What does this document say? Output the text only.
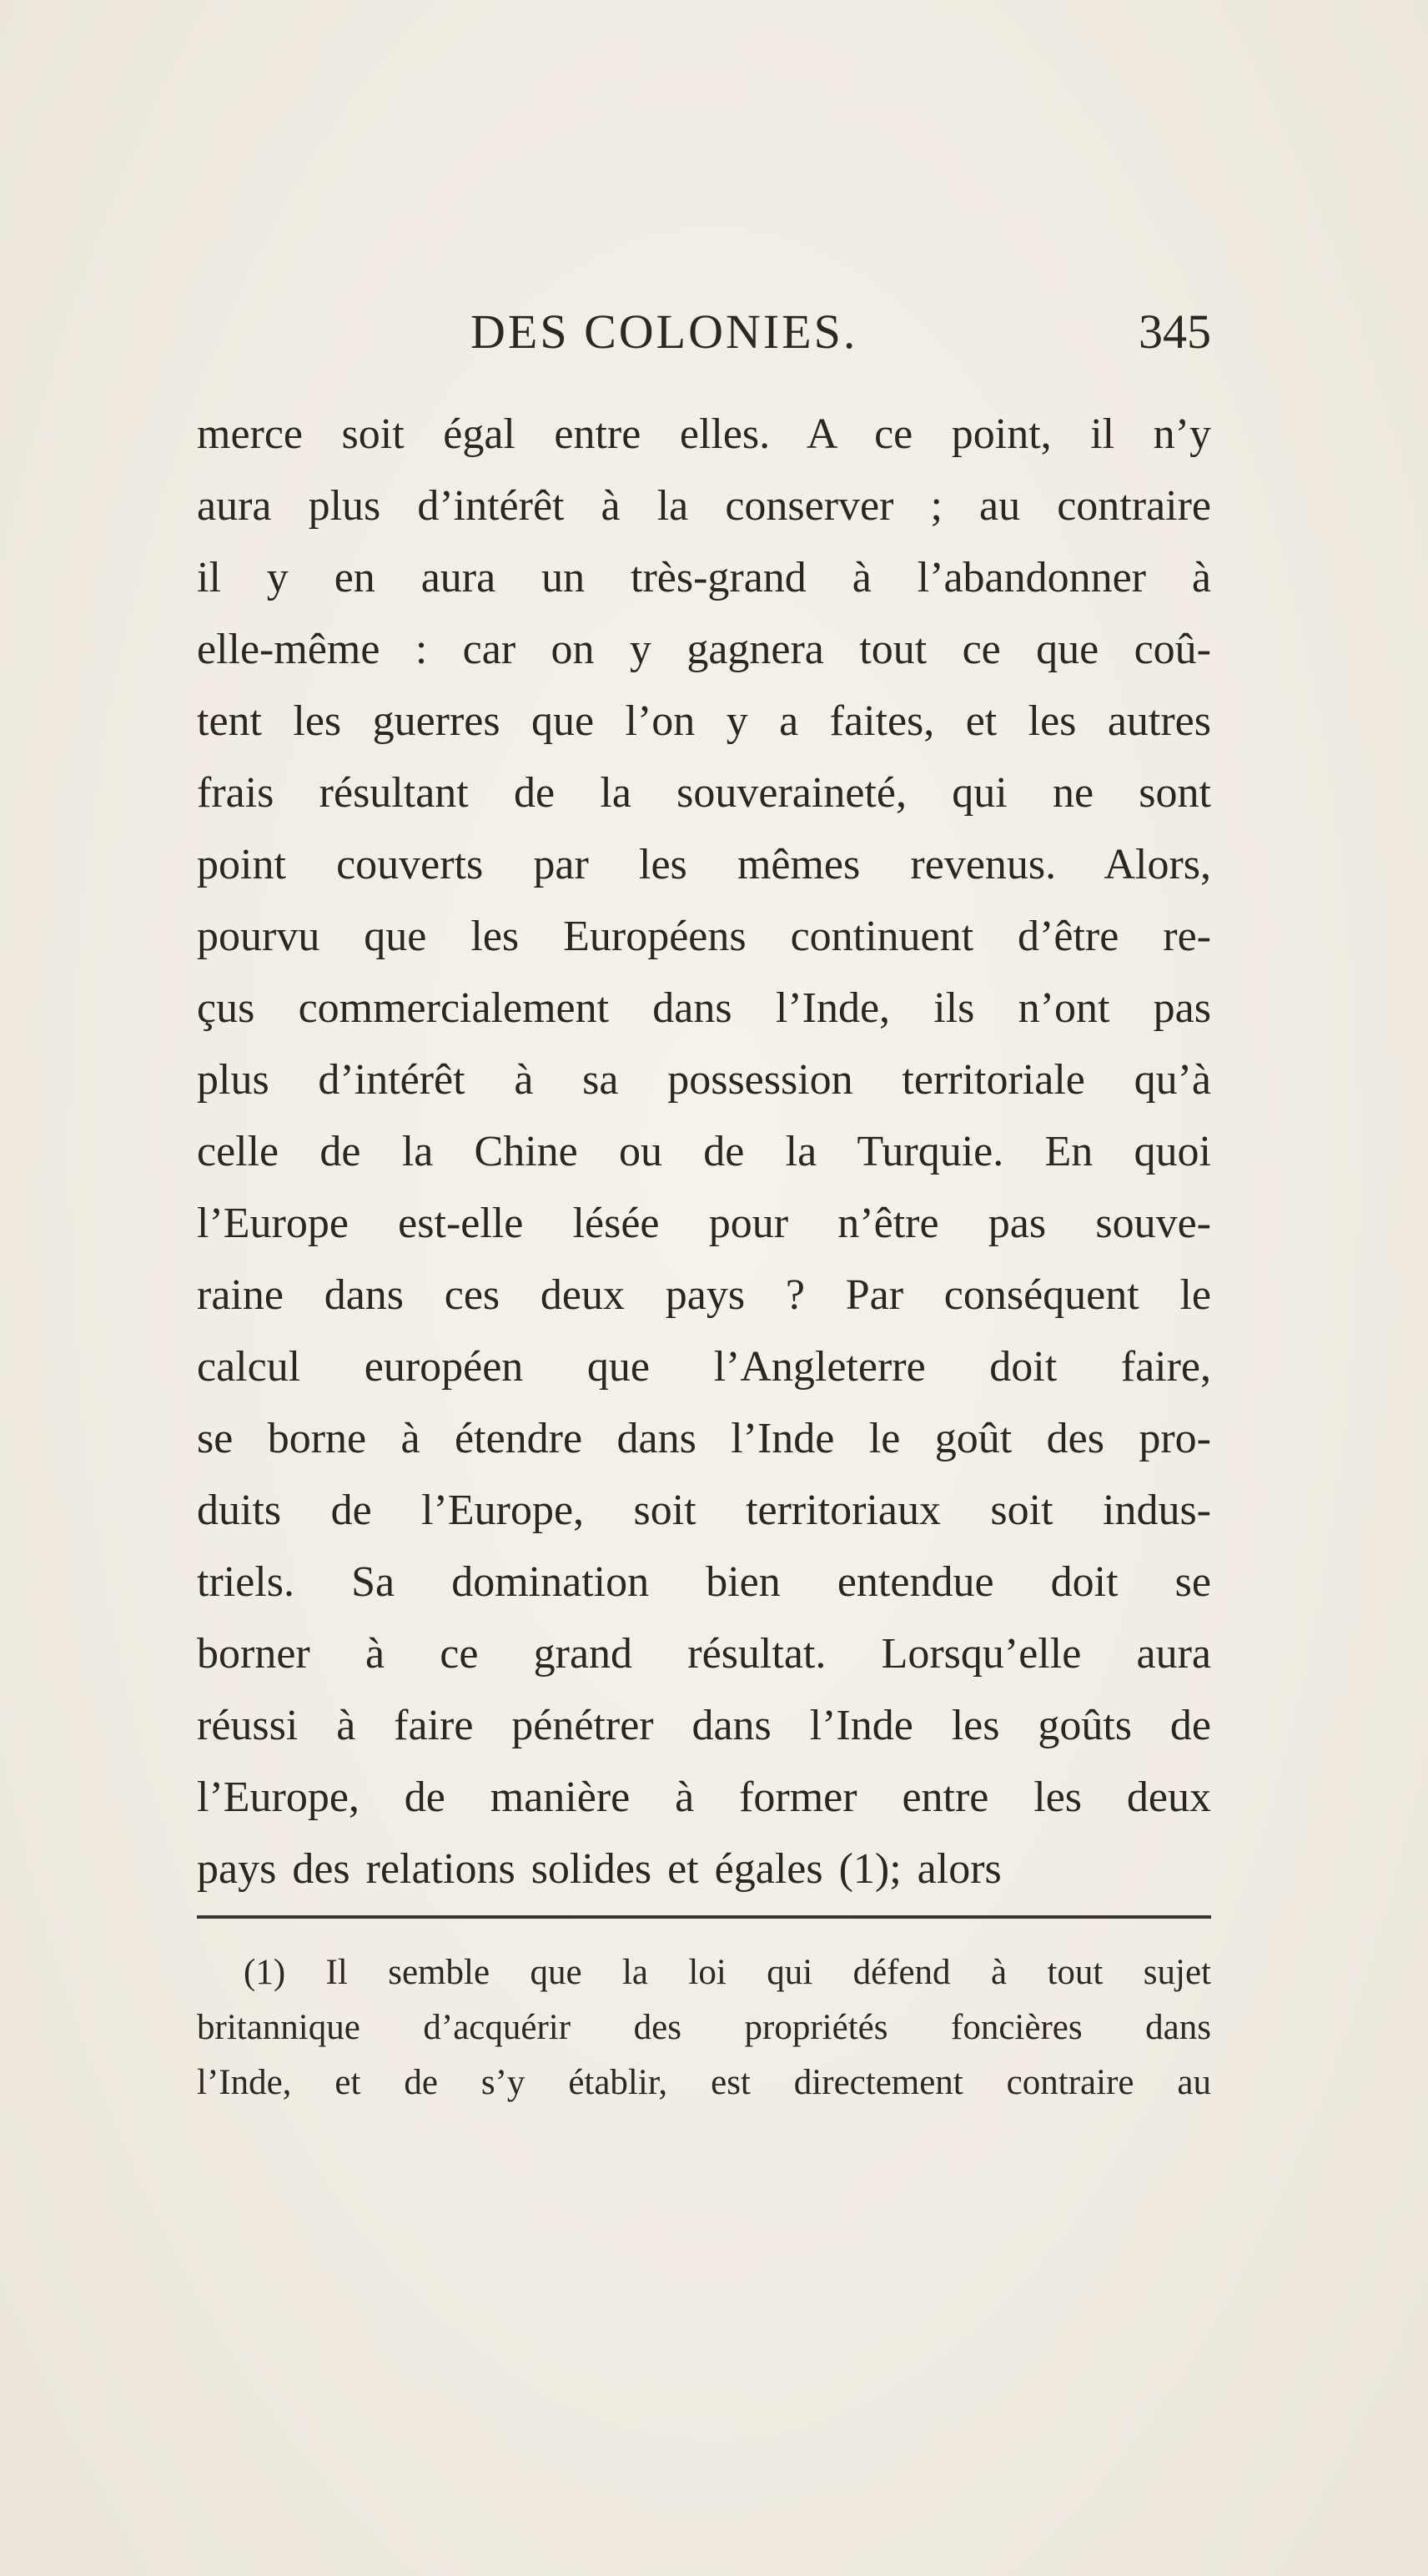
DES COLONIES.	345
merce soit égal entre elles. A ce point, il n’y
aura plus d’intérêt à la conserver ; au contraire
il y en aura un très-grand à l’abandonner à
elle-même : car on y gagnera tout ce que coû-
tent les guerres que l’on y a faites, et les autres
frais résultant de la souveraineté, qui ne sont
point couverts par les mêmes revenus. Alors,
pourvu que les Européens continuent d’être re-
çus commercialement dans l’Inde, ils n’ont pas
plus d’intérêt à sa possession territoriale qu’à
celle de la Chine ou de la Turquie. En quoi
l’Europe est-elle lésée pour n’être pas souve-
raine dans ces deux pays ? Par conséquent le
calcul européen que l’Angleterre doit faire,
se borne à étendre dans l’Inde le goût des pro-
duits de l’Europe, soit territoriaux soit indus-
triels. Sa domination bien entendue doit se
borner à ce grand résultat. Lorsqu’elle aura
réussi à faire pénétrer dans l’Inde les goûts de
l’Europe, de manière à former entre les deux
pays des relations solides et égales (1); alors
(1) Il semble que la loi qui défend à tout sujet
britannique d’acquérir des propriétés foncières dans
l’Inde, et de s’y établir, est directement contraire au
